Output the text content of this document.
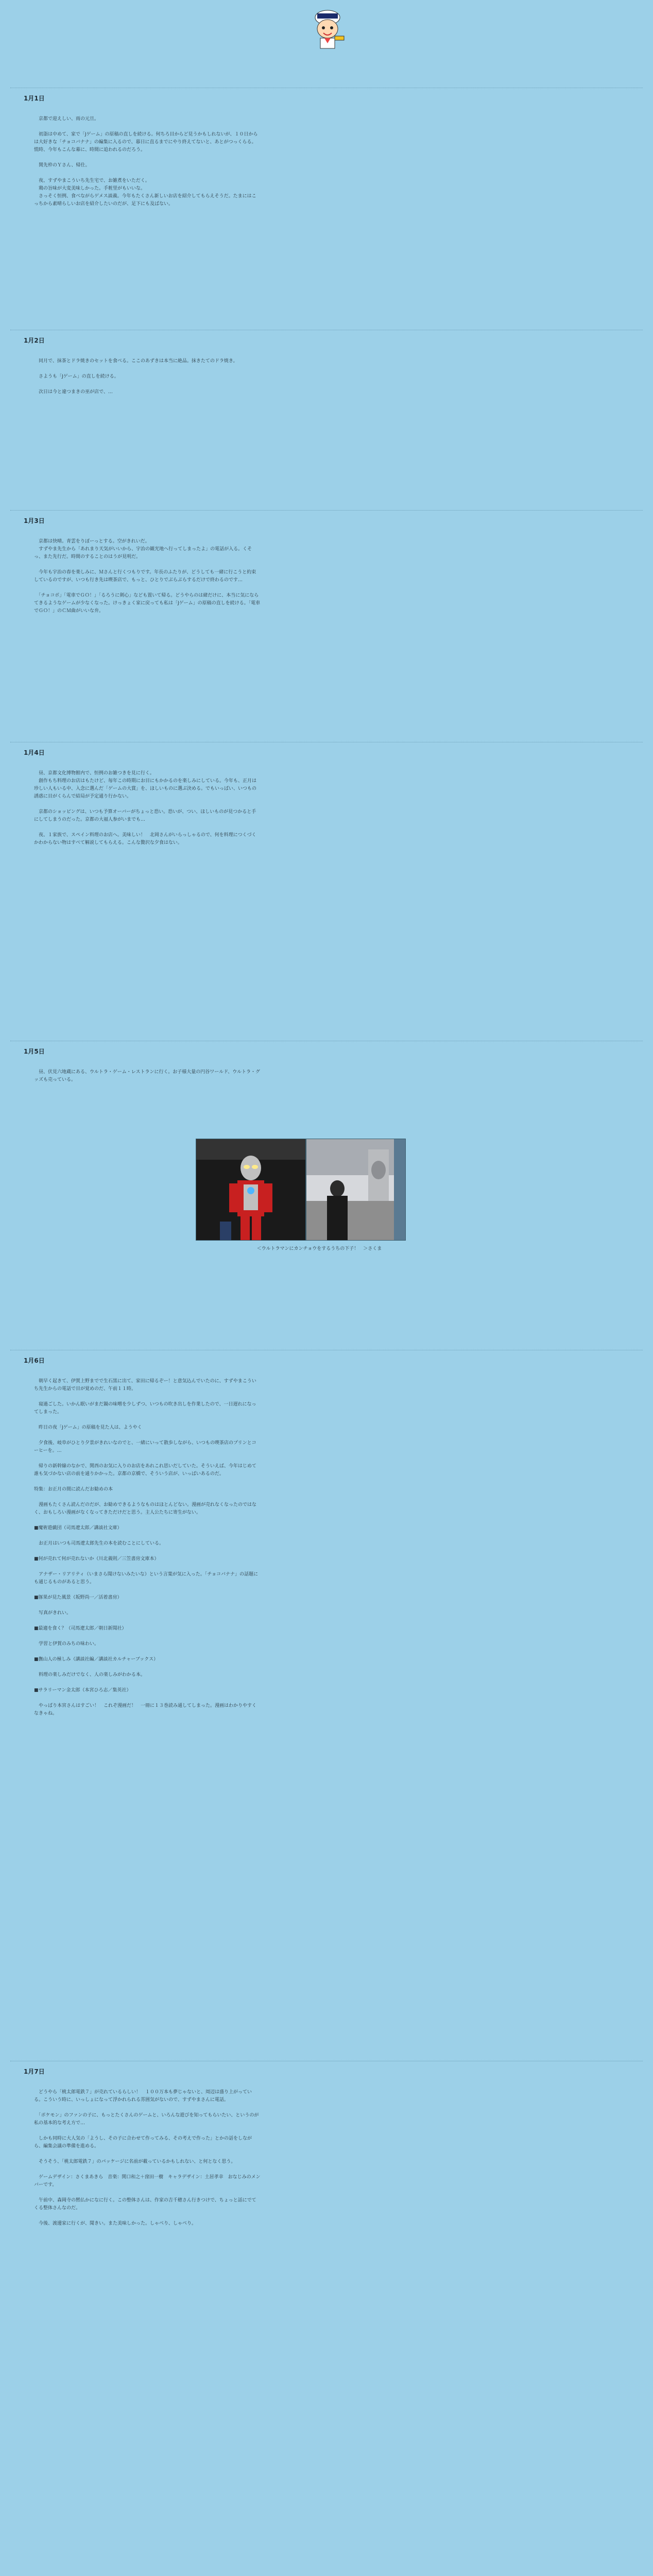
1月1日
　京都で迎えしい、雨の元旦。

　初詣は中めて、家で「Jゲーム」の原稿の直しを続ける。何ちろ目からど見うかもしれないが、１０日からは大好きな「チョコバナナ」の編集に入るので、暮日に直るまでにやり終えてないと、あとがつっくらる。慌時、今年もこんな幕に、時間に追われるのだろう。

　関先枠のＹさん、帰仕。

　夜、すずやまこういち先生宅で、お雑煮をいただく。
　鶏の旨味が大変美味しかった。手粧里がもいいな。
　さっそく恒例、食べながらゲメス談義。今年もたくさん新しいお店を紹介してもらえそうだ。たまにはこっちから素晴らしいお店を紹介したいのだが、足下にも及ばない。
1月2日
　同月で、抹茶とドラ焼きのセットを食べる。ここのあずきは本当に絶品。抹きたてのドラ焼き。

　さようも「Jゲーム」の直しを続ける。

　次日は今と違つまきの巫が店で、…
1月3日
　京都は快晴。青雲をりぼーっとする。空がきれいだ。
　すずやま先生から「あれまり天気がいいから、宇治の観光地へ行ってしまったよ」の電話が入る。くそっ、また先行だ。時間のすることのはうが見明だ。

　今年も宇治の春を楽しみに、Ｍさんと行くつもりです。年長のふたりが、どうしても一緒に行こうと約束しているのですが、いつも行き先は喫茶店で、もっと、ひとりでぶらぶらするだけで終わるのです…

　「チョコボ」「電車でＧＯ！」「るろうに剣心」なども置いて帰る。どうやらのは緒だけに、本当に気にならてきるようなゲームが少なくなった。けっきょく家に戻っても私は「Jゲーム」の原稿の直しを続ける。「電車でＧＯ！」のＣＭ曲がいいな弁。
1月4日
　昼、京都文化博物館内で、恒例のお雑つきを見に行く。
　創作もち料理のお店はもたけど、毎年この時期にお目にもかかるのを楽しみにしている。今年も、正月は珍しい人もいる中、入念に選んだ「ゲームの大賞」を、ほしいものに選ぶ決める。でもいっぱい、いつもの誘惑に目がくらんで結局が予定通り行かない。

　京都のショッピングは、いつも予算オーバーがちょっと恐い。恐いが、つい、ほしいものが見つかると手にしてしまうのだった。京都の大福人参がいまでも…

　夜、１家族で、スペイン料理のお店へ。美味しい！　北岡さんがいらっしゃるので、何を料理につくづくかわからない物はすべて解説してもらえる。こんな贅沢な夕食はない。
1月5日
　昼、伏見六地蔵にある、ウルトラ・ゲーム・レストランに行く。お子様大量の円谷ワールド、ウルトラ・グッズも売っている。
＜ウルトラマンにカンチョウをするうちの下子！　＞さくま
1月6日
　朝早く起きて、伊賀上野までで生石黒に出て、家田に帰るぞー！と意気込んでいたのに、すずやまこういち先生からの電話で目が覚めのだ、午前１１時。

　寝過ごした。いかん眠いがまだ鍋の味噌を少しずつ、いつもの吹き出しを作業したので、一日遅れになってしまった。

　昨日の夜「Jゲーム」の原稿を見た人は、ようやく

　夕食後、岐阜がひとり夕景がきれいなのでと、一緒にいって散歩しながら、いつもの喫茶店のプリンとコーヒーを。…

　帰りの新幹線のなかで、関西のお気に入りのお店をあれこれ思いだしていた。そういえば、今年はじめて誰も気づかない店の前を通りかかった。京都の京橋で、そういう店が、いっぱいあるのだ。

特集：お正月の間に読んだお勧めの本

　漫画もたくさん読んだのだが、お勧めできるようなものはほとんどない。漫画が売れなくなったのではなく、おもしろい漫画がなくなってきただけだと思う。主人公たちに寄生がない。

■魔術遊戯団（司馬遼太郎／講談社文庫）

　お正月はいつも司馬遼太郎先生の本を読むことにしている。

■何が売れて何が売れないか（川北義則／三笠書房文庫本）

　アナザー・リアリティ（いまさら聞けないみたいな）という言葉が気に入った。「チョコバナナ」の話題にも通じるものがあると思う。

■豚果が見た風景（坂野尚一／活着書房）

　写真がきれい。

■最適を食く？（司馬遼太郎／朝日新聞社）

　学習と伊賀のみちの味わい。

■撫山人の極しみ（講談社編／講談社カルチャーブックス）

　料理の楽しみだけでなく、人の楽しみがわかる本。

■サラリーマン金太郎（本宮ひろ志／集英社）

　やっぱり本宮さんはすごい！　これぞ漫画だ！　一冊に１３巻読み通してしまった。漫画はわかりやすくなきゃね。
1月7日
　どうやら「桃太郎電鉄７」が売れているらしい！　１００万本も夢じゃないと、周辺は盛り上がっている。こういう時に、いっしょになって浮かれられる雰囲気がないので、すずやまさんに電話。

　「ポケモン」のファンの子に、もっとたくさんのゲームと、いろんな遊びを知ってもらいたい、というのが私の基本的な考え方で…

　しかも同時に大人気の「ようし、その子に合わせて作ってみる、その考えで作った」とかの話をしながら、編集会議の準備を進める。

　そうそう、「桃太郎電鉄７」のパッケージに名前が載っているかもしれない、と何となく思う。

　ゲームデザイン：さくまあきら　音楽：関口和之＋窪田一樹　キャラデザイン：土居孝幸　おなじみのメンバーです。

　午前中、森岡寺の黙仏かになに行く。この整体さんは、作家の吉千穂さん行きつけで、ちょっと話にでてくる整体さんなのだ。

　今後、渡邊家に行くが、聞きい。また美味しかった。しゃべり、しゃべり。
